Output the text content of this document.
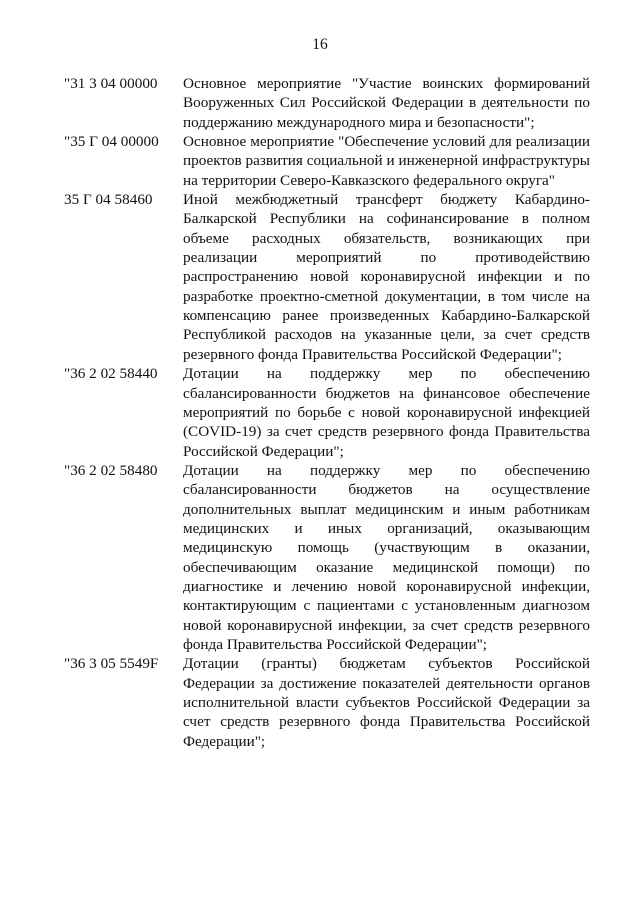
16
"31 3 04 00000	Основное мероприятие "Участие воинских формирований Вооруженных Сил Российской Федерации в деятельности по поддержанию международного мира и безопасности";
"35 Г 04 00000	Основное мероприятие "Обеспечение условий для реализации проектов развития социальной и инженерной инфраструктуры на территории Северо-Кавказского федерального округа"
35 Г 04 58460	Иной межбюджетный трансферт бюджету Кабардино-Балкарской Республики на софинансирование в полном объеме расходных обязательств, возникающих при реализации мероприятий по противодействию распространению новой коронавирусной инфекции и по разработке проектно-сметной документации, в том числе на компенсацию ранее произведенных Кабардино-Балкарской Республикой расходов на указанные цели, за счет средств резервного фонда Правительства Российской Федерации";
"36 2 02 58440	Дотации на поддержку мер по обеспечению сбалансированности бюджетов на финансовое обеспечение мероприятий по борьбе с новой коронавирусной инфекцией (COVID-19) за счет средств резервного фонда Правительства Российской Федерации";
"36 2 02 58480	Дотации на поддержку мер по обеспечению сбалансированности бюджетов на осуществление дополнительных выплат медицинским и иным работникам медицинских и иных организаций, оказывающим медицинскую помощь (участвующим в оказании, обеспечивающим оказание медицинской помощи) по диагностике и лечению новой коронавирусной инфекции, контактирующим с пациентами с установленным диагнозом новой коронавирусной инфекции, за счет средств резервного фонда Правительства Российской Федерации";
"36 3 05 5549F	Дотации (гранты) бюджетам субъектов Российской Федерации за достижение показателей деятельности органов исполнительной власти субъектов Российской Федерации за счет средств резервного фонда Правительства Российской Федерации";
